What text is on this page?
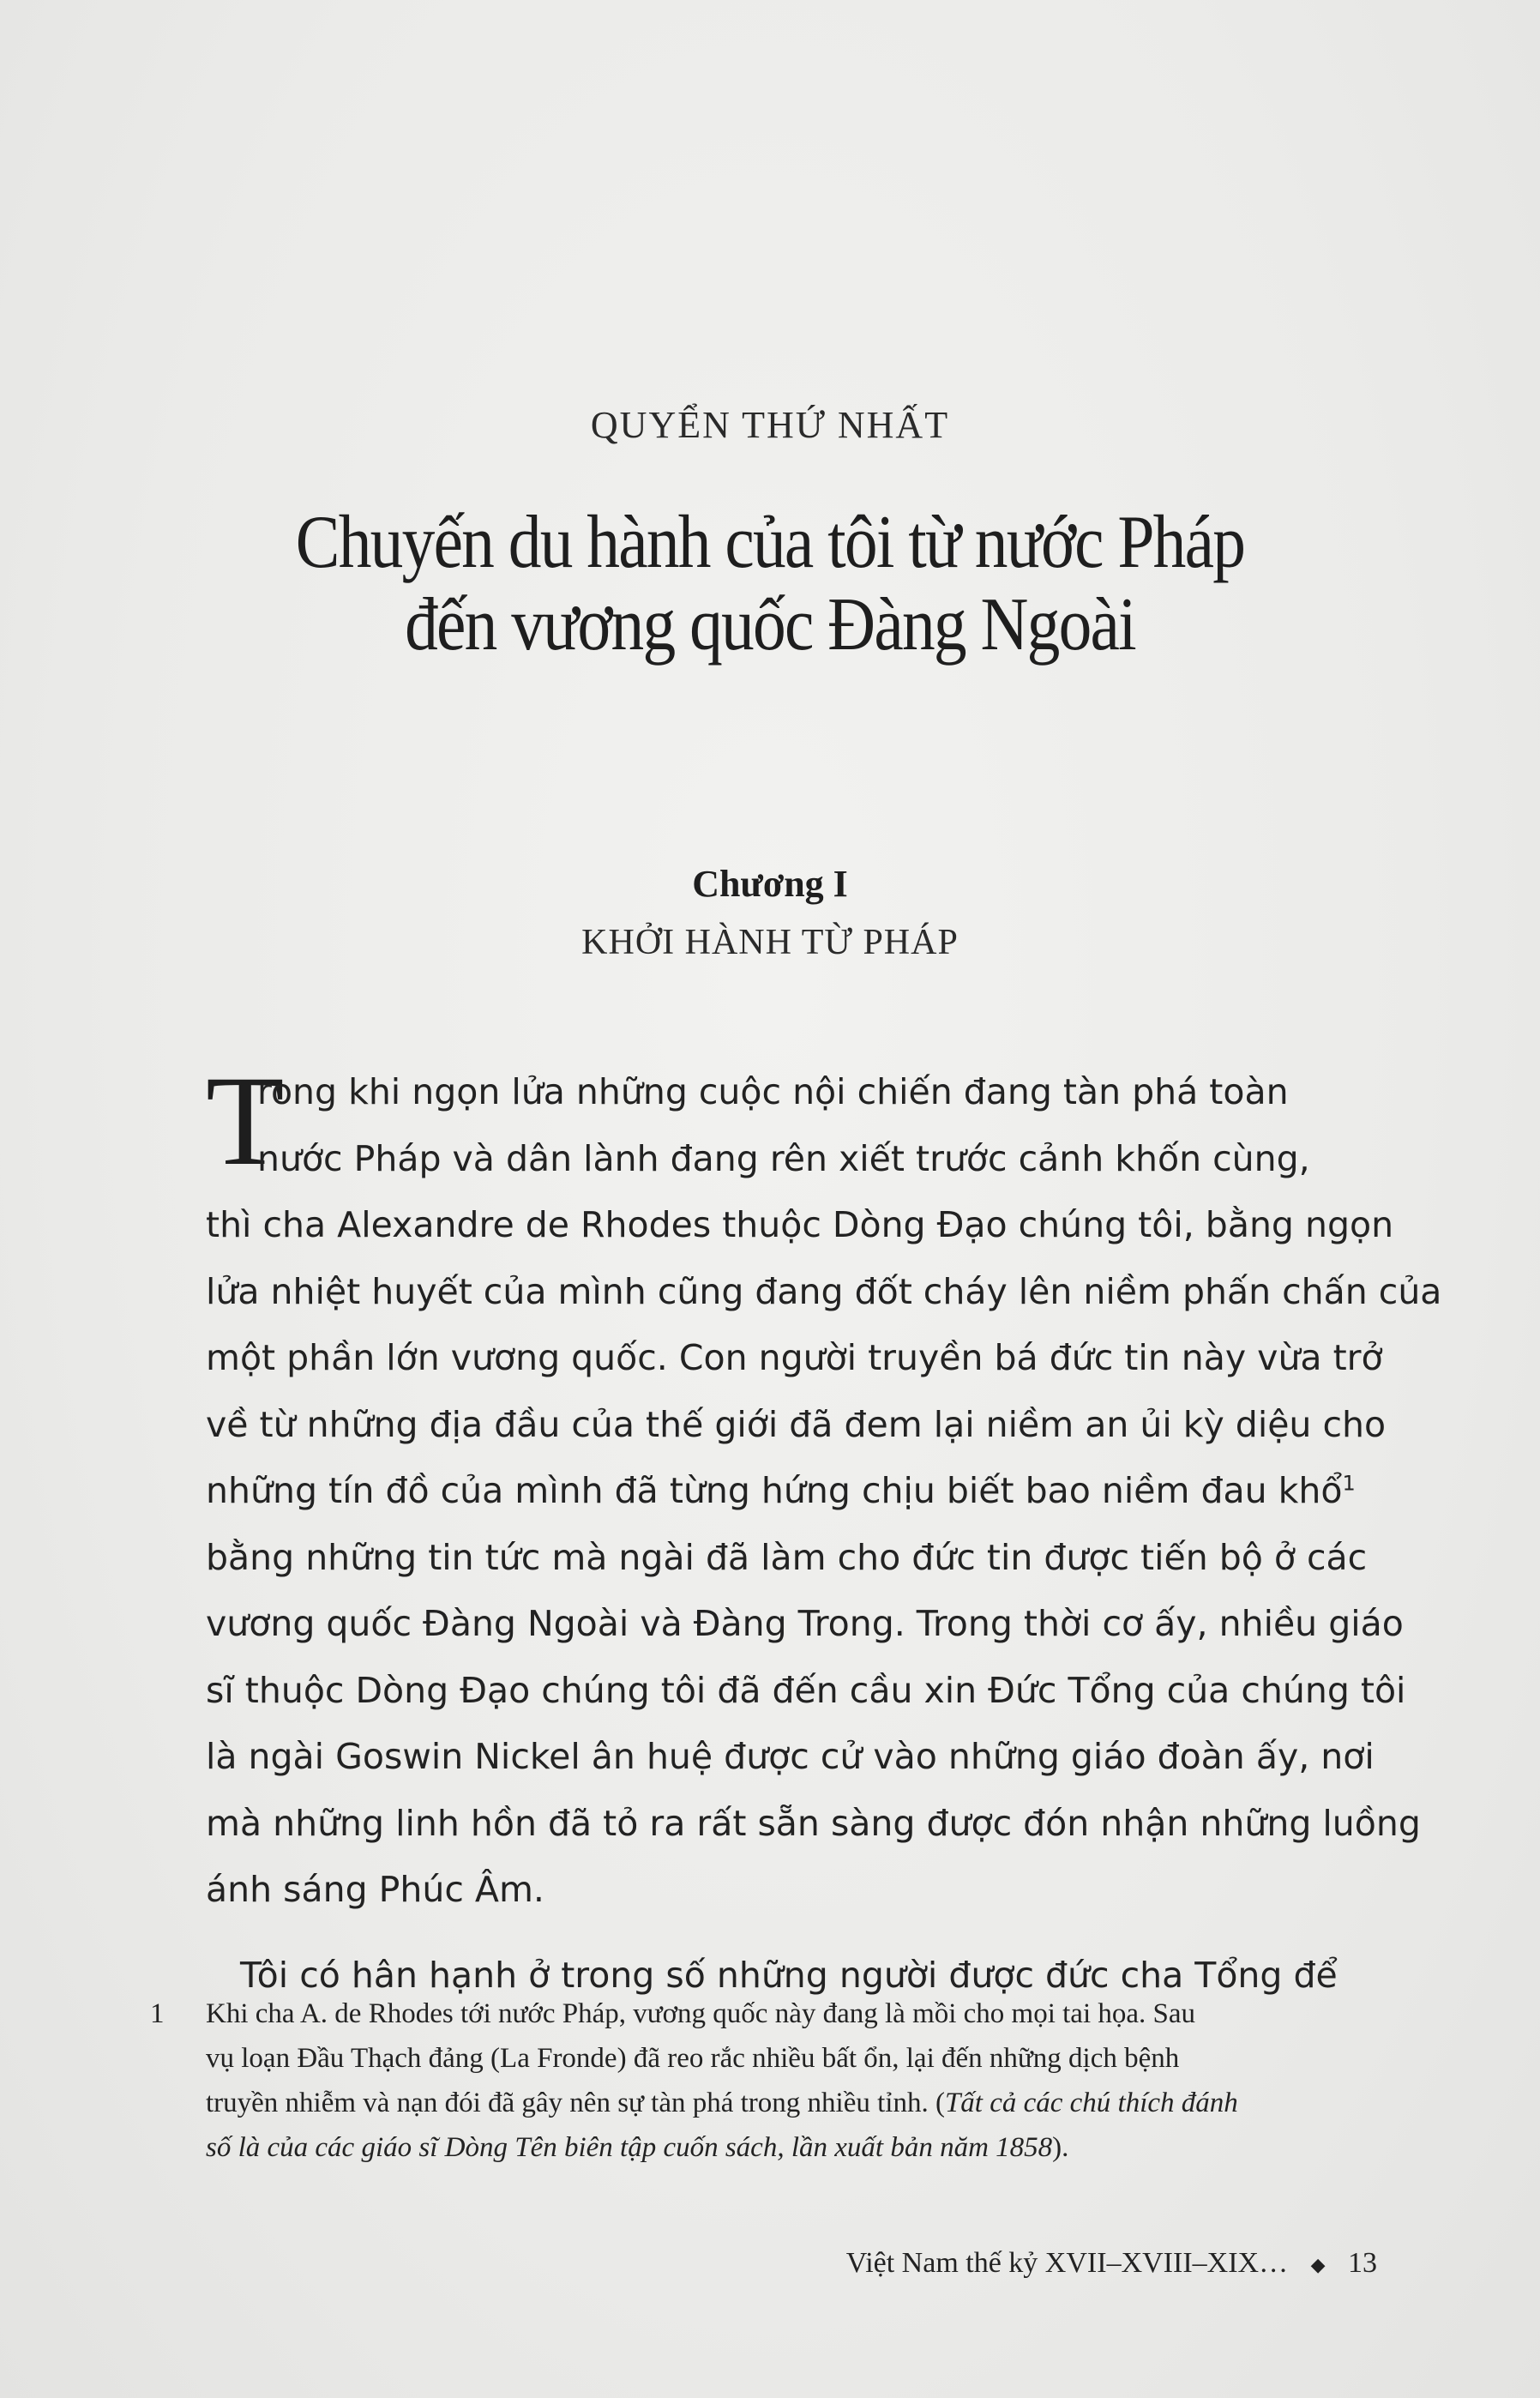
QUYỂN THỨ NHẤT
Chuyến du hành của tôi từ nước Pháp
đến vương quốc Đàng Ngoài
Chương I
KHỞI HÀNH TỪ PHÁP
T

rong khi ngọn lửa những cuộc nội chiến đang tàn phá toàn
nước Pháp và dân lành đang rên xiết trước cảnh khốn cùng,
thì cha Alexandre de Rhodes thuộc Dòng Đạo chúng tôi, bằng ngọn
lửa nhiệt huyết của mình cũng đang đốt cháy lên niềm phấn chấn của
một phần lớn vương quốc. Con người truyền bá đức tin này vừa trở
về từ những địa đầu của thế giới đã đem lại niềm an ủi kỳ diệu cho
những tín đồ của mình đã từng hứng chịu biết bao niềm đau khổ$^1$
bằng những tin tức mà ngài đã làm cho đức tin được tiến bộ ở các
vương quốc Đàng Ngoài và Đàng Trong. Trong thời cơ ấy, nhiều giáo
sĩ thuộc Dòng Đạo chúng tôi đã đến cầu xin Đức Tổng của chúng tôi
là ngài Goswin Nickel ân huệ được cử vào những giáo đoàn ấy, nơi
mà những linh hồn đã tỏ ra rất sẵn sàng được đón nhận những luồng
ánh sáng Phúc Âm.

Tôi có hân hạnh ở trong số những người được đức cha Tổng để

1 Khi cha A. de Rhodes tới nước Pháp, vương quốc này đang là mồi cho mọi tai họa. Sau
vụ loạn Đầu Thạch đảng (La Fronde) đã reo rắc nhiều bất ổn, lại đến những dịch bệnh
truyền nhiễm và nạn đói đã gây nên sự tàn phá trong nhiều tỉnh. (Tất cả các chú thích đánh
số là của các giáo sĩ Dòng Tên biên tập cuốn sách, lần xuất bản năm 1858).
Việt Nam thế kỷ XVII–XVIII–XIX… ◆ 13
